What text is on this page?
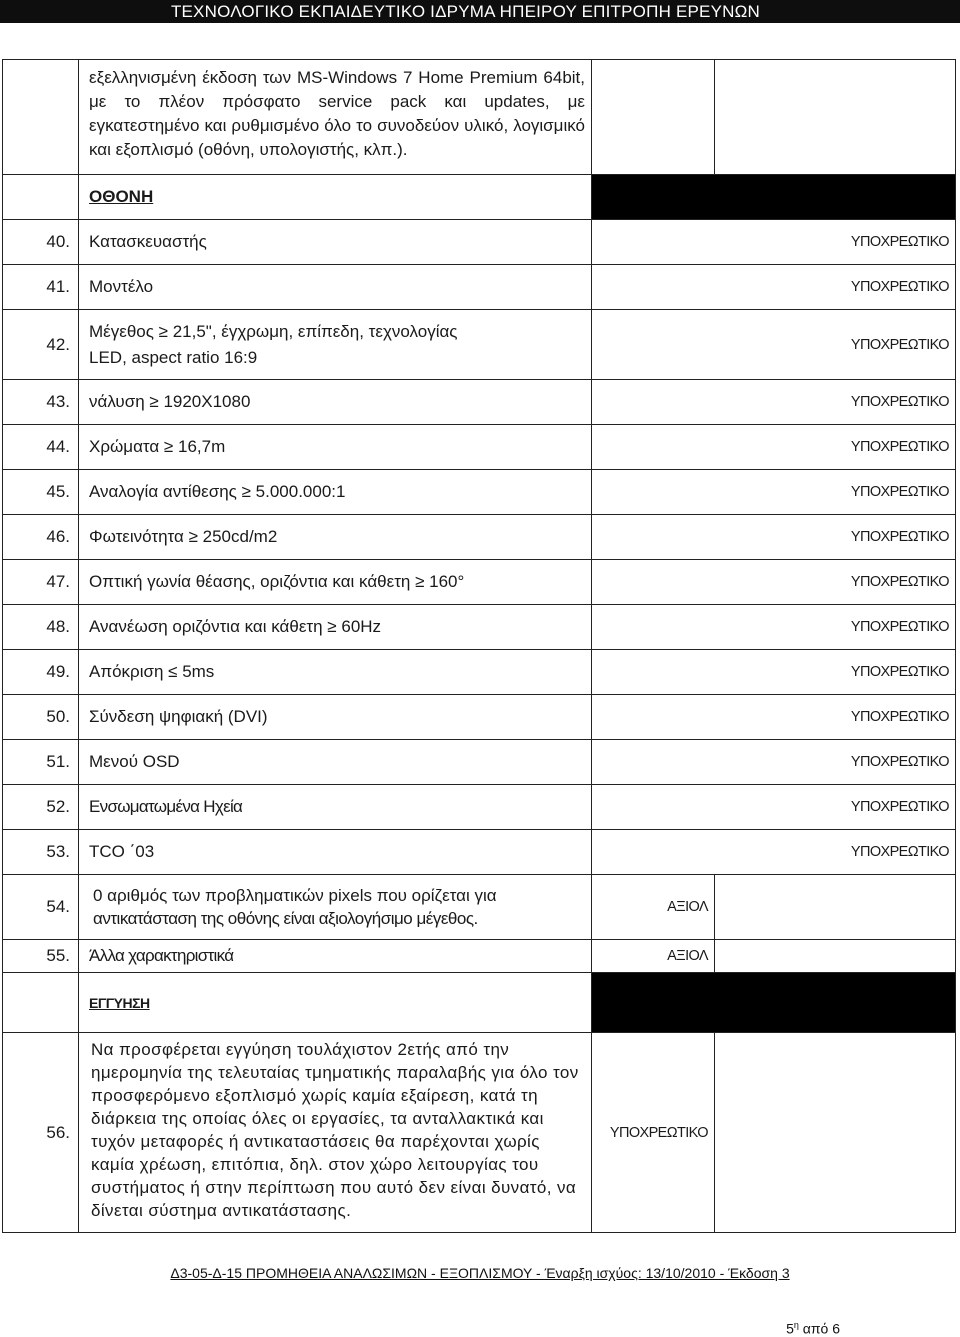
ΤΕΧΝΟΛΟΓΙΚΟ ΕΚΠΑΙΔΕΥΤΙΚΟ ΙΔΡΥΜΑ ΗΠΕΙΡΟΥ ΕΠΙΤΡΟΠΗ ΕΡΕΥΝΩΝ
	εξελληνισμένη έκδοση των MS-Windows 7 Home Premium 64bit, με το πλέον πρόσφατο service pack και updates, με εγκατεστημένο και ρυθμισμένο όλο το συνοδεύον υλικό, λογισμικό και εξοπλισμό (οθόνη, υπολογιστής, κλπ.).		
	ΟΘΟΝΗ		
40.	Κατασκευαστής	ΥΠΟΧΡΕΩΤΙΚΟ	
41.	Μοντέλο	ΥΠΟΧΡΕΩΤΙΚΟ	
42.	Μέγεθος ≥ 21,5", έγχρωμη, επίπεδη, τεχνολογίας
LED, aspect ratio 16:9	ΥΠΟΧΡΕΩΤΙΚΟ	
43.	νάλυση ≥ 1920X1080	ΥΠΟΧΡΕΩΤΙΚΟ	
44.	Χρώματα ≥ 16,7m	ΥΠΟΧΡΕΩΤΙΚΟ	
45.	Αναλογία αντίθεσης ≥ 5.000.000:1	ΥΠΟΧΡΕΩΤΙΚΟ	
46.	Φωτεινότητα ≥ 250cd/m2	ΥΠΟΧΡΕΩΤΙΚΟ	
47.	Οπτική γωνία θέασης, οριζόντια και κάθετη ≥ 160°	ΥΠΟΧΡΕΩΤΙΚΟ	
48.	Ανανέωση οριζόντια και κάθετη ≥ 60Hz	ΥΠΟΧΡΕΩΤΙΚΟ	
49.	Απόκριση ≤ 5ms	ΥΠΟΧΡΕΩΤΙΚΟ	
50.	Σύνδεση ψηφιακή (DVI)	ΥΠΟΧΡΕΩΤΙΚΟ	
51.	Μενού OSD	ΥΠΟΧΡΕΩΤΙΚΟ	
52.	Ενσωματωμένα Ηχεία	ΥΠΟΧΡΕΩΤΙΚΟ	
53.	TCO ΄03	ΥΠΟΧΡΕΩΤΙΚΟ	
54.	0 αριθμός των προβληματικών pixels που ορίζεται για
αντικατάσταση της οθόνης είναι αξιολογήσιμο μέγεθος.	ΑΞΙΟΛ	
55.	Άλλα χαρακτηριστικά	ΑΞΙΟΛ	
	ΕΓΓΥΗΣΗ		
56.	Να προσφέρεται εγγύηση τουλάχιστον 2ετής από την ημερομηνία της τελευταίας τμηματικής παραλαβής για όλο τον προσφερόμενο εξοπλισμό χωρίς καμία εξαίρεση, κατά τη διάρκεια της οποίας όλες οι εργασίες, τα ανταλλακτικά και τυχόν μεταφορές ή αντικαταστάσεις θα παρέχονται χωρίς καμία χρέωση, επιτόπια, δηλ. στον χώρο λειτουργίας του συστήματος ή στην περίπτωση που αυτό δεν είναι δυνατό, να δίνεται σύστημα αντικατάστασης.	ΥΠΟΧΡΕΩΤΙΚΟ	
Δ3-05-Δ-15 ΠΡΟΜΗΘΕΙΑ ΑΝΑΛΩΣΙΜΩΝ - ΕΞΟΠΛΙΣΜΟΥ - Έναρξη ισχύος: 13/10/2010 - Έκδοση 3
$5^\eta$ από 6
